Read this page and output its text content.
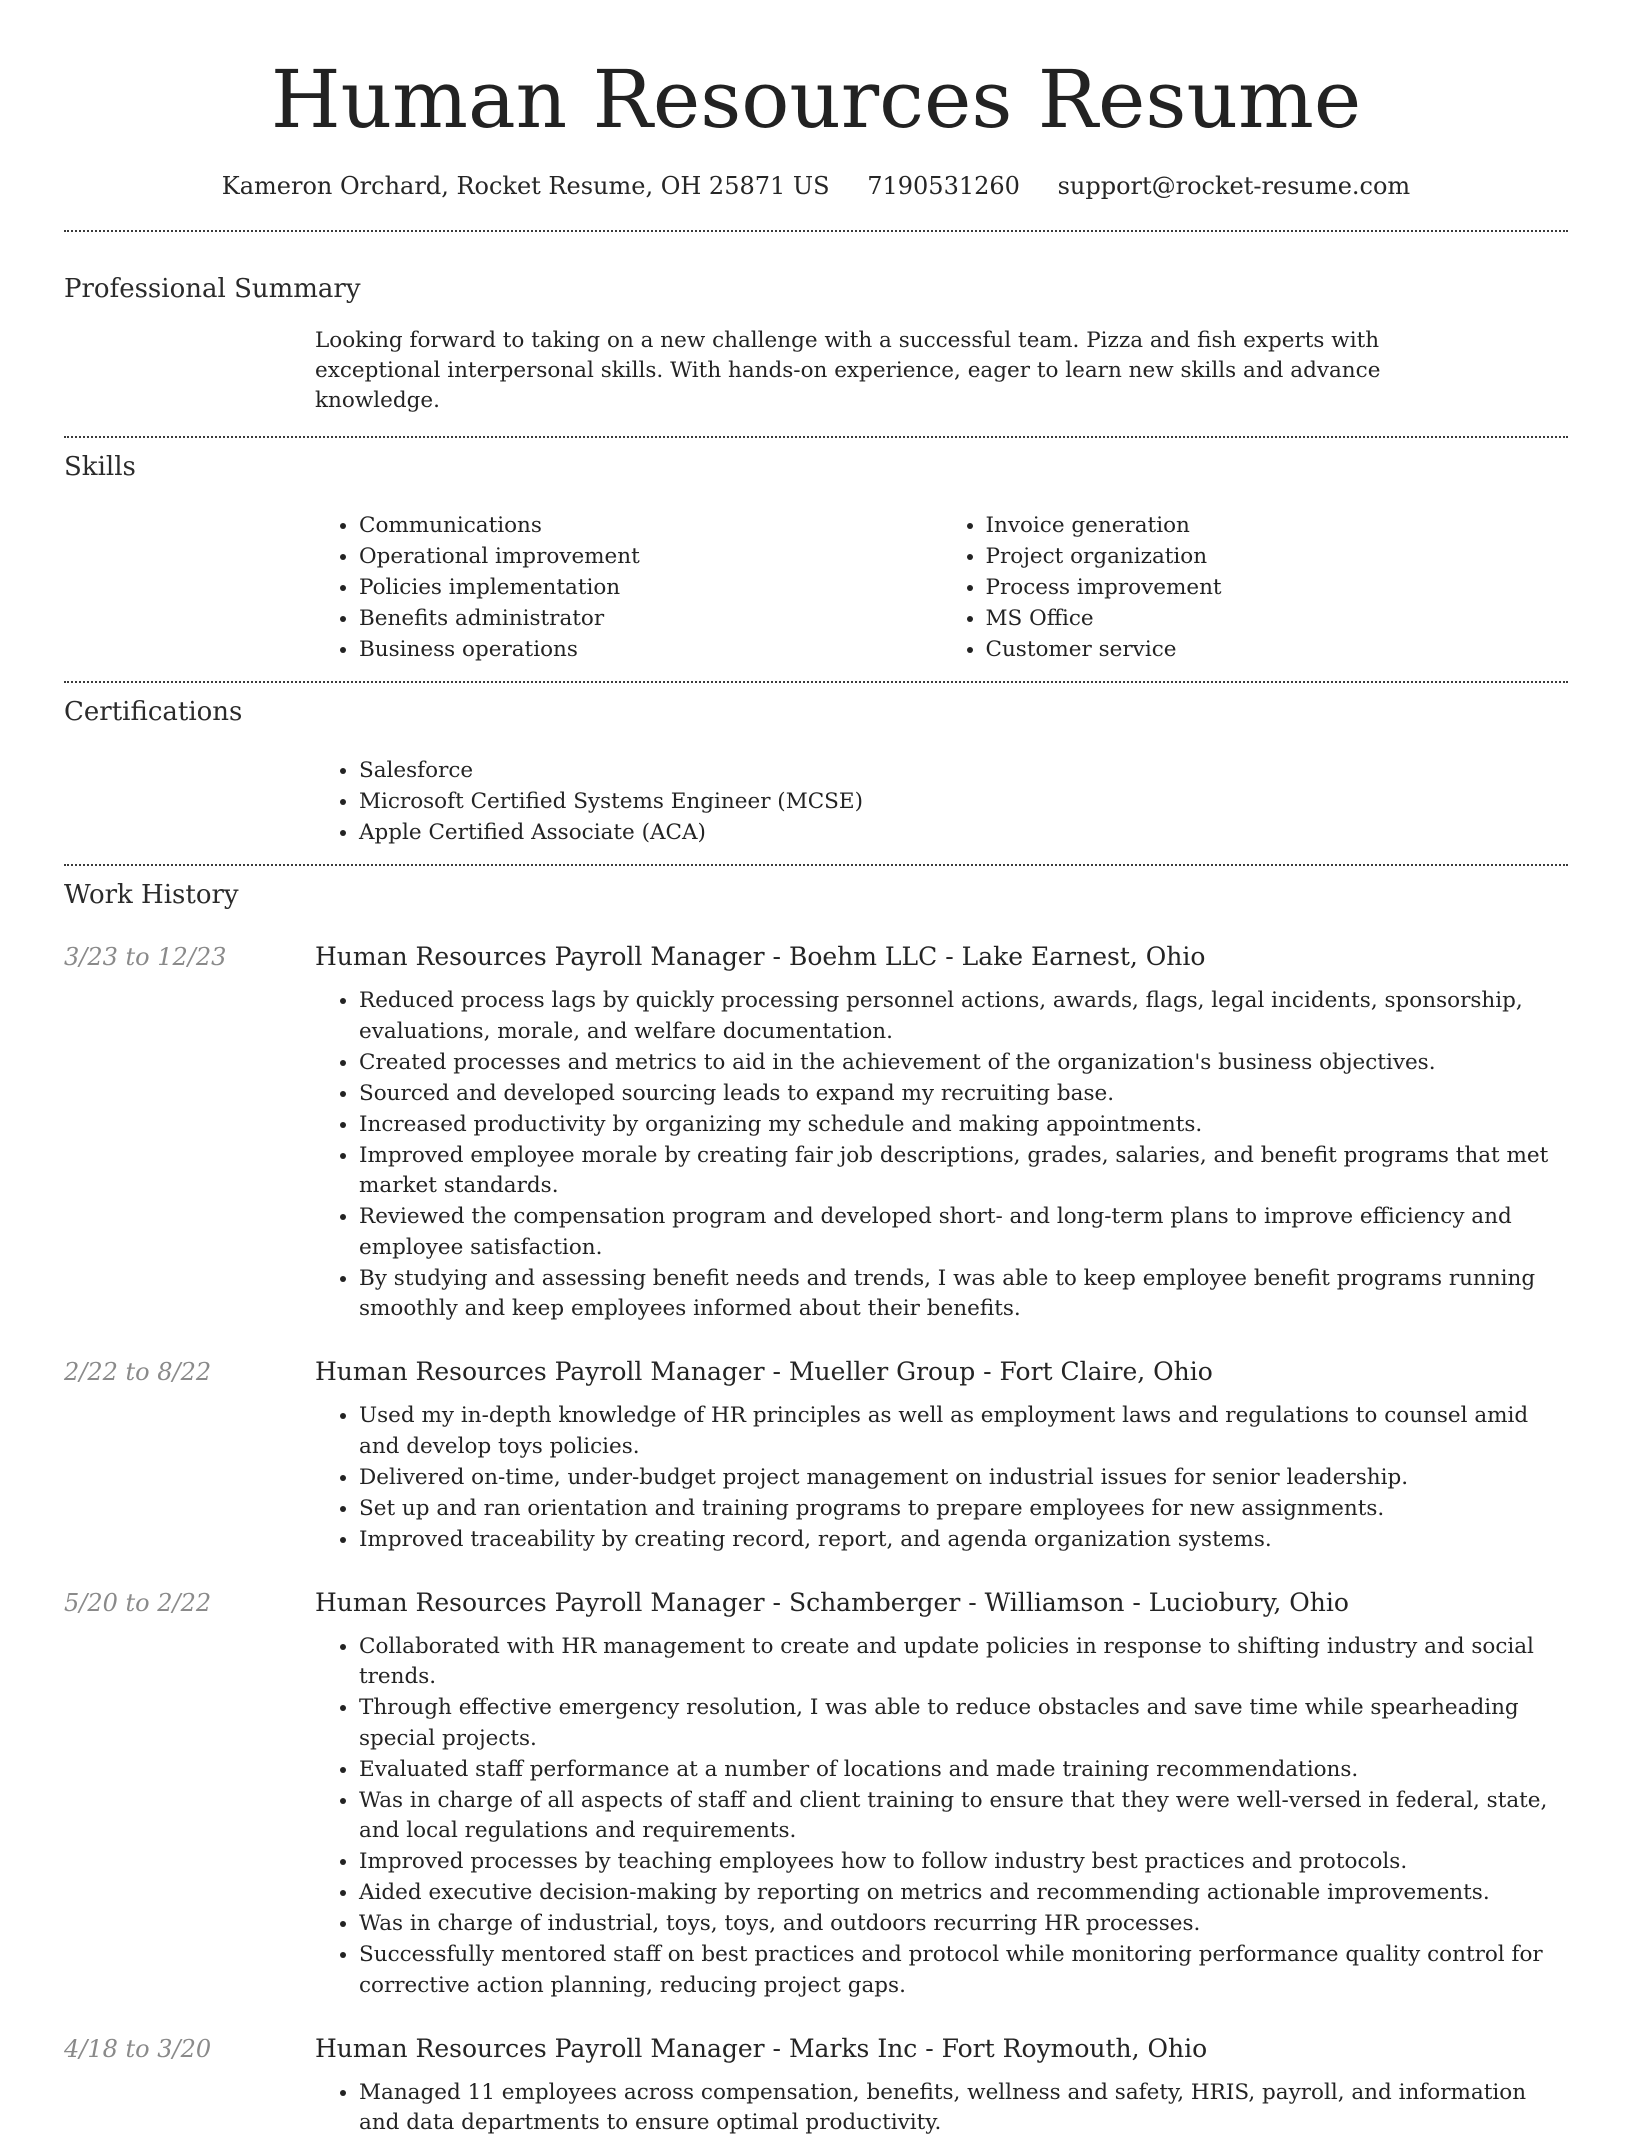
Human Resources Resume
Kameron Orchard, Rocket Resume, OH 25871 US 7190531260 support@rocket-resume.com
Professional Summary

Looking forward to taking on a new challenge with a successful team. Pizza and fish experts with exceptional interpersonal skills. With hands-on experience, eager to learn new skills and advance knowledge.

Skills
• Communications
• Operational improvement
• Policies implementation
• Benefits administrator
• Business operations
• Invoice generation
• Project organization
• Process improvement
• MS Office
• Customer service
Certifications
• Salesforce
• Microsoft Certified Systems Engineer (MCSE)
• Apple Certified Associate (ACA)
Work History
3/23 to 12/23	Human Resources Payroll Manager - Boehm LLC - Lake Earnest, Ohio
• Reduced process lags by quickly processing personnel actions, awards, flags, legal incidents, sponsorship, evaluations, morale, and welfare documentation.
• Created processes and metrics to aid in the achievement of the organization's business objectives.
• Sourced and developed sourcing leads to expand my recruiting base.
• Increased productivity by organizing my schedule and making appointments.
• Improved employee morale by creating fair job descriptions, grades, salaries, and benefit programs that met market standards.
• Reviewed the compensation program and developed short- and long-term plans to improve efficiency and employee satisfaction.
• By studying and assessing benefit needs and trends, I was able to keep employee benefit programs running smoothly and keep employees informed about their benefits.
2/22 to 8/22	Human Resources Payroll Manager - Mueller Group - Fort Claire, Ohio
• Used my in-depth knowledge of HR principles as well as employment laws and regulations to counsel amid and develop toys policies.
• Delivered on-time, under-budget project management on industrial issues for senior leadership.
• Set up and ran orientation and training programs to prepare employees for new assignments.
• Improved traceability by creating record, report, and agenda organization systems.
5/20 to 2/22	Human Resources Payroll Manager - Schamberger - Williamson - Luciobury, Ohio
• Collaborated with HR management to create and update policies in response to shifting industry and social trends.
• Through effective emergency resolution, I was able to reduce obstacles and save time while spearheading special projects.
• Evaluated staff performance at a number of locations and made training recommendations.
• Was in charge of all aspects of staff and client training to ensure that they were well-versed in federal, state, and local regulations and requirements.
• Improved processes by teaching employees how to follow industry best practices and protocols.
• Aided executive decision-making by reporting on metrics and recommending actionable improvements.
• Was in charge of industrial, toys, toys, and outdoors recurring HR processes.
• Successfully mentored staff on best practices and protocol while monitoring performance quality control for corrective action planning, reducing project gaps.
4/18 to 3/20	Human Resources Payroll Manager - Marks Inc - Fort Roymouth, Ohio
• Managed 11 employees across compensation, benefits, wellness and safety, HRIS, payroll, and information and data departments to ensure optimal productivity.
